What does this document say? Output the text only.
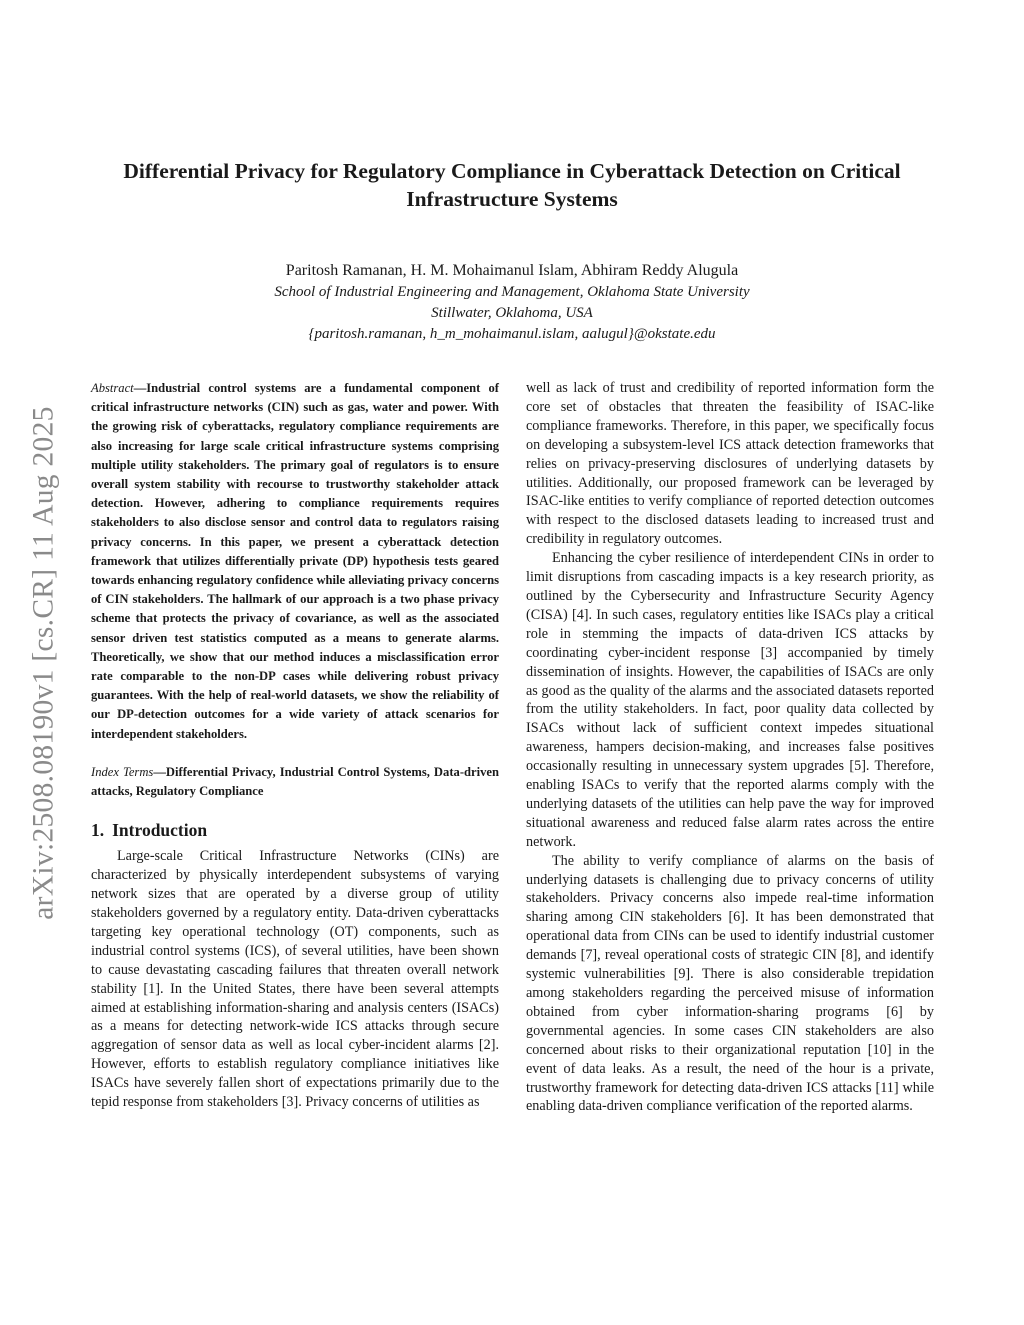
arXiv:2508.08190v1 [cs.CR] 11 Aug 2025
Differential Privacy for Regulatory Compliance in Cyberattack Detection on Critical Infrastructure Systems
Paritosh Ramanan, H. M. Mohaimanul Islam, Abhiram Reddy Alugula
School of Industrial Engineering and Management, Oklahoma State University
Stillwater, Oklahoma, USA
{paritosh.ramanan, h_m_mohaimanul.islam, aalugul}@okstate.edu

Abstract—Industrial control systems are a fundamental component of critical infrastructure networks (CIN) such as gas, water and power. With the growing risk of cyberattacks, regulatory compliance requirements are also increasing for large scale critical infrastructure systems comprising multiple utility stakeholders. The primary goal of regulators is to ensure overall system stability with recourse to trustworthy stakeholder attack detection. However, adhering to compliance requirements requires stakeholders to also disclose sensor and control data to regulators raising privacy concerns. In this paper, we present a cyberattack detection framework that utilizes differentially private (DP) hypothesis tests geared towards enhancing regulatory confidence while alleviating privacy concerns of CIN stakeholders. The hallmark of our approach is a two phase privacy scheme that protects the privacy of covariance, as well as the associated sensor driven test statistics computed as a means to generate alarms. Theoretically, we show that our method induces a misclassification error rate comparable to the non-DP cases while delivering robust privacy guarantees. With the help of real-world datasets, we show the reliability of our DP-detection outcomes for a wide variety of attack scenarios for interdependent stakeholders.

Index Terms—Differential Privacy, Industrial Control Systems, Data-driven attacks, Regulatory Compliance

1. Introduction

Large-scale Critical Infrastructure Networks (CINs) are characterized by physically interdependent subsystems of varying network sizes that are operated by a diverse group of utility stakeholders governed by a regulatory entity. Data-driven cyberattacks targeting key operational technology (OT) components, such as industrial control systems (ICS), of several utilities, have been shown to cause devastating cascading failures that threaten overall network stability [1]. In the United States, there have been several attempts aimed at establishing information-sharing and analysis centers (ISACs) as a means for detecting network-wide ICS attacks through secure aggregation of sensor data as well as local cyber-incident alarms [2]. However, efforts to establish regulatory compliance initiatives like ISACs have severely fallen short of expectations primarily due to the tepid response from stakeholders [3]. Privacy concerns of utilities as

well as lack of trust and credibility of reported information form the core set of obstacles that threaten the feasibility of ISAC-like compliance frameworks. Therefore, in this paper, we specifically focus on developing a subsystem-level ICS attack detection frameworks that relies on privacy-preserving disclosures of underlying datasets by utilities. Additionally, our proposed framework can be leveraged by ISAC-like entities to verify compliance of reported detection outcomes with respect to the disclosed datasets leading to increased trust and credibility in regulatory outcomes.

Enhancing the cyber resilience of interdependent CINs in order to limit disruptions from cascading impacts is a key research priority, as outlined by the Cybersecurity and Infrastructure Security Agency (CISA) [4]. In such cases, regulatory entities like ISACs play a critical role in stemming the impacts of data-driven ICS attacks by coordinating cyber-incident response [3] accompanied by timely dissemination of insights. However, the capabilities of ISACs are only as good as the quality of the alarms and the associated datasets reported from the utility stakeholders. In fact, poor quality data collected by ISACs without lack of sufficient context impedes situational awareness, hampers decision-making, and increases false positives occasionally resulting in unnecessary system upgrades [5]. Therefore, enabling ISACs to verify that the reported alarms comply with the underlying datasets of the utilities can help pave the way for improved situational awareness and reduced false alarm rates across the entire network.

The ability to verify compliance of alarms on the basis of underlying datasets is challenging due to privacy concerns of utility stakeholders. Privacy concerns also impede real-time information sharing among CIN stakeholders [6]. It has been demonstrated that operational data from CINs can be used to identify industrial customer demands [7], reveal operational costs of strategic CIN [8], and identify systemic vulnerabilities [9]. There is also considerable trepidation among stakeholders regarding the perceived misuse of information obtained from cyber information-sharing programs [6] by governmental agencies. In some cases CIN stakeholders are also concerned about risks to their organizational reputation [10] in the event of data leaks. As a result, the need of the hour is a private, trustworthy framework for detecting data-driven ICS attacks [11] while enabling data-driven compliance verification of the reported alarms.
